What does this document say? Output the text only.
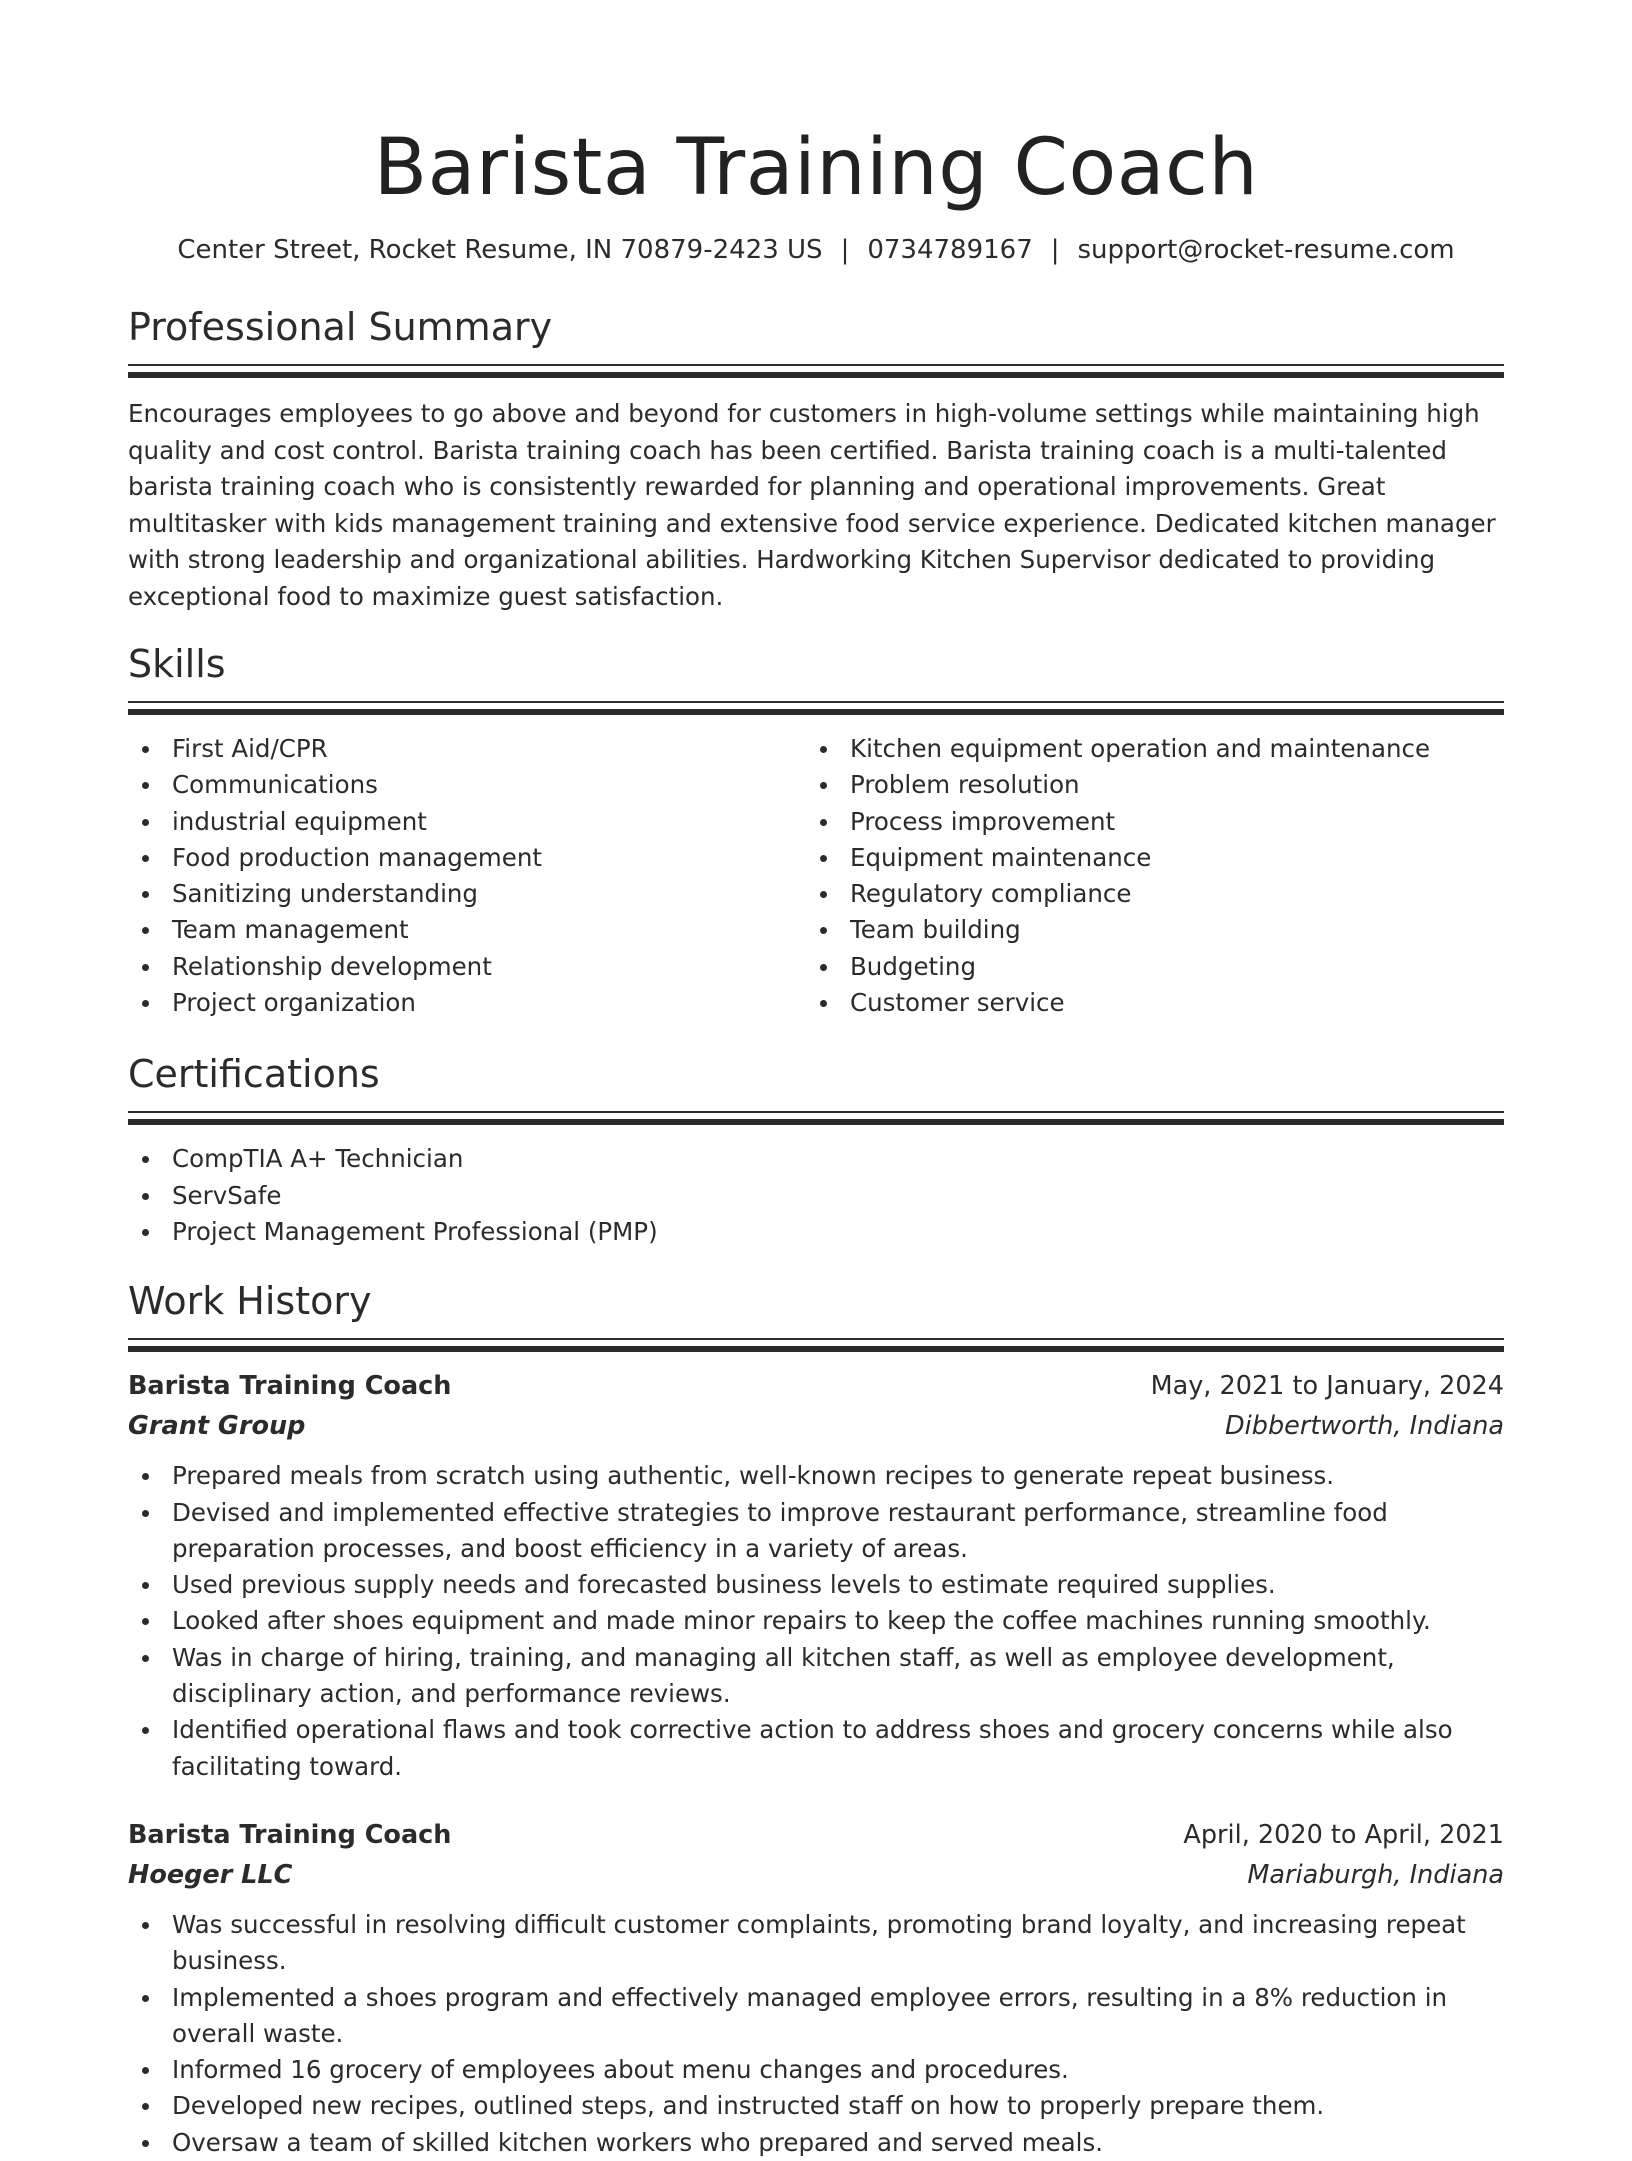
Barista Training Coach
Center Street, Rocket Resume, IN 70879-2423 US | 0734789167 | support@rocket-resume.com
Professional Summary

Encourages employees to go above and beyond for customers in high-volume settings while maintaining high quality and cost control. Barista training coach has been certified. Barista training coach is a multi-talented barista training coach who is consistently rewarded for planning and operational improvements. Great multitasker with kids management training and extensive food service experience. Dedicated kitchen manager with strong leadership and organizational abilities. Hardworking Kitchen Supervisor dedicated to providing exceptional food to maximize guest satisfaction.

Skills
First Aid/CPR
Communications
industrial equipment
Food production management
Sanitizing understanding
Team management
Relationship development
Project organization
Kitchen equipment operation and maintenance
Problem resolution
Process improvement
Equipment maintenance
Regulatory compliance
Team building
Budgeting
Customer service
Certifications
CompTIA A+ Technician
ServSafe
Project Management Professional (PMP)
Work History
Barista Training Coach	May, 2021 to January, 2024
Grant Group	Dibbertworth, Indiana
Prepared meals from scratch using authentic, well-known recipes to generate repeat business.
Devised and implemented effective strategies to improve restaurant performance, streamline food preparation processes, and boost efficiency in a variety of areas.
Used previous supply needs and forecasted business levels to estimate required supplies.
Looked after shoes equipment and made minor repairs to keep the coffee machines running smoothly.
Was in charge of hiring, training, and managing all kitchen staff, as well as employee development, disciplinary action, and performance reviews.
Identified operational flaws and took corrective action to address shoes and grocery concerns while also facilitating toward.
Barista Training Coach	April, 2020 to April, 2021
Hoeger LLC	Mariaburgh, Indiana
Was successful in resolving difficult customer complaints, promoting brand loyalty, and increasing repeat business.
Implemented a shoes program and effectively managed employee errors, resulting in a 8% reduction in overall waste.
Informed 16 grocery of employees about menu changes and procedures.
Developed new recipes, outlined steps, and instructed staff on how to properly prepare them.
Oversaw a team of skilled kitchen workers who prepared and served meals.
